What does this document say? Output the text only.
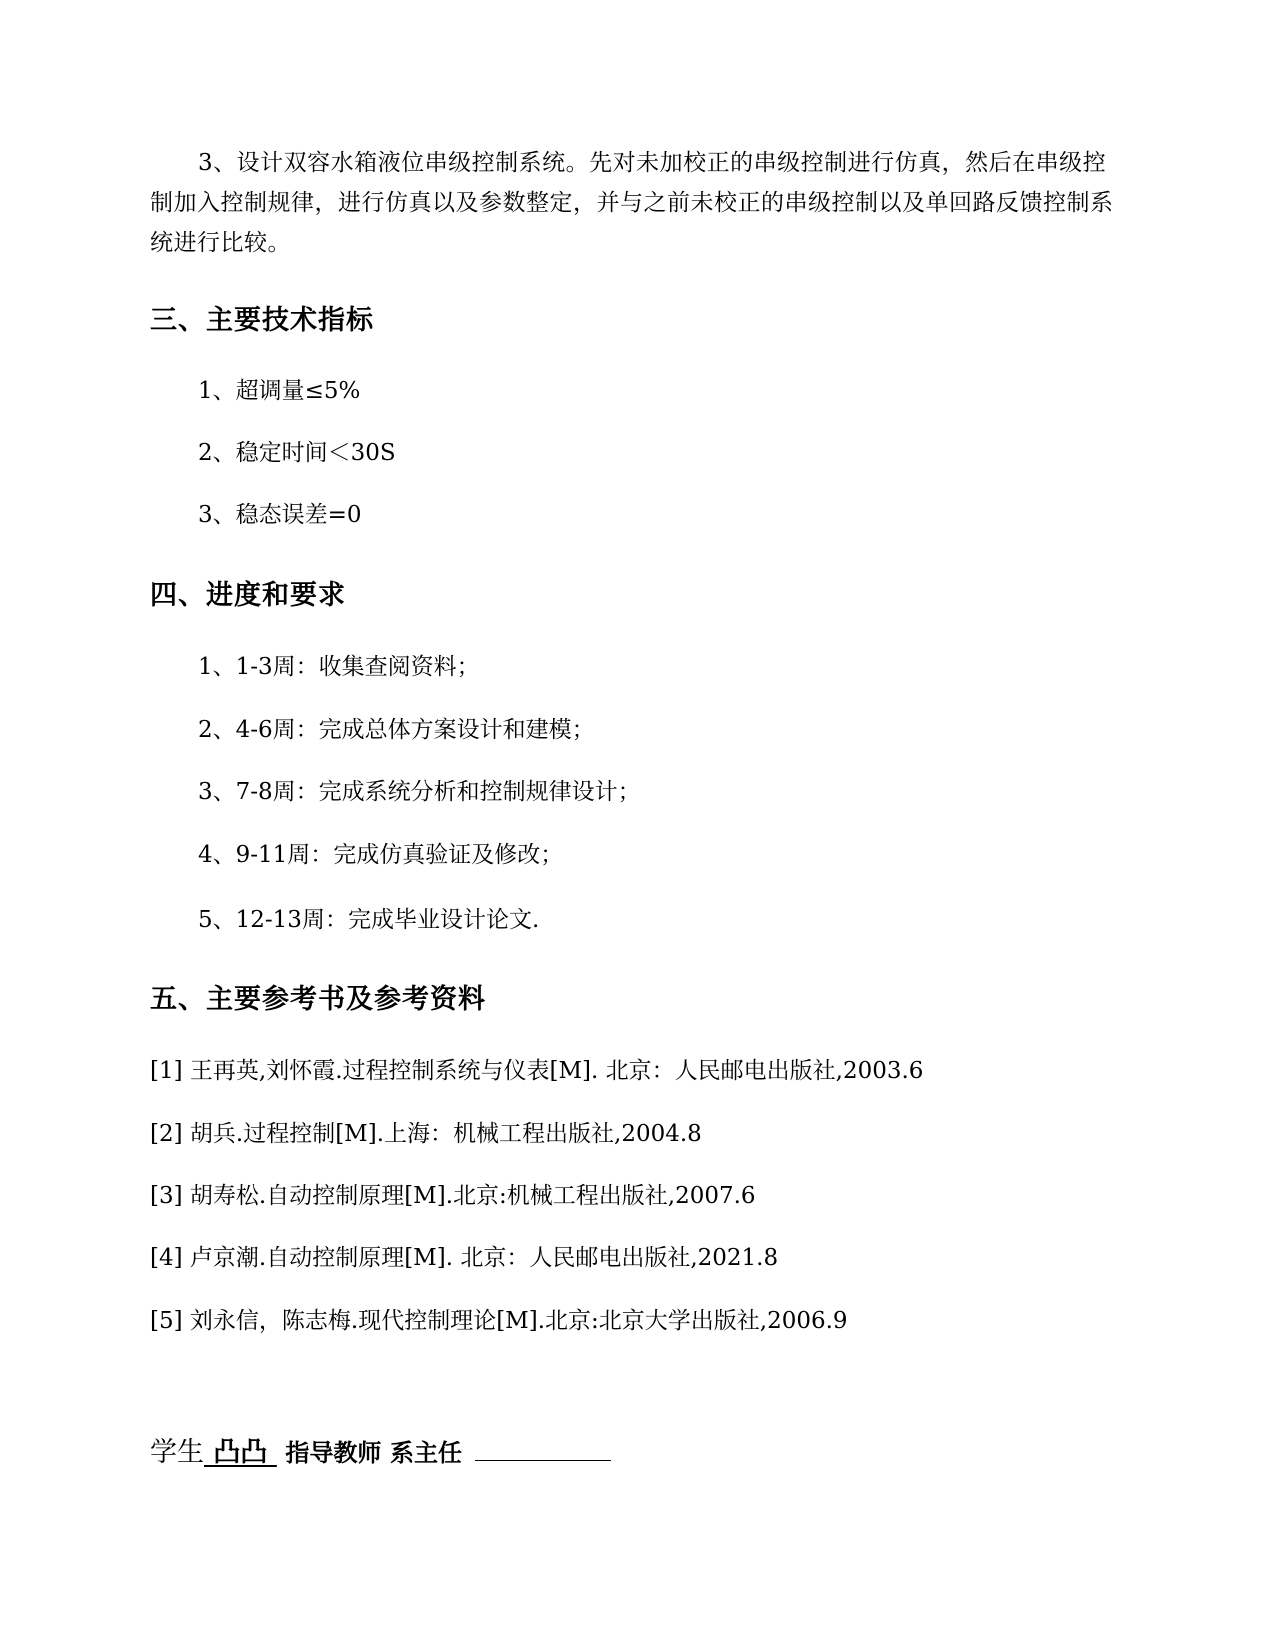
3、设计双容水箱液位串级控制系统。先对未加校正的串级控制进行仿真，然后在串级控制加入控制规律，进行仿真以及参数整定，并与之前未校正的串级控制以及单回路反馈控制系统进行比较。

三、主要技术指标

1、超调量≤5%

2、稳定时间＜30S

3、稳态误差=0

四、进度和要求

1、1-3周：收集查阅资料；

2、4-6周：完成总体方案设计和建模；

3、7-8周：完成系统分析和控制规律设计；

4、9-11周：完成仿真验证及修改；

5、12-13周：完成毕业设计论文.

五、主要参考书及参考资料

[1] 王再英,刘怀霞.过程控制系统与仪表[M]. 北京：人民邮电出版社,2003.6

[2] 胡兵.过程控制[M].上海：机械工程出版社,2004.8

[3] 胡寿松.自动控制原理[M].北京:机械工程出版社,2007.6

[4] 卢京潮.自动控制原理[M]. 北京：人民邮电出版社,2021.8

[5] 刘永信，陈志梅.现代控制理论[M].北京:北京大学出版社,2006.9

学生 凸凸 指导教师 系主任
